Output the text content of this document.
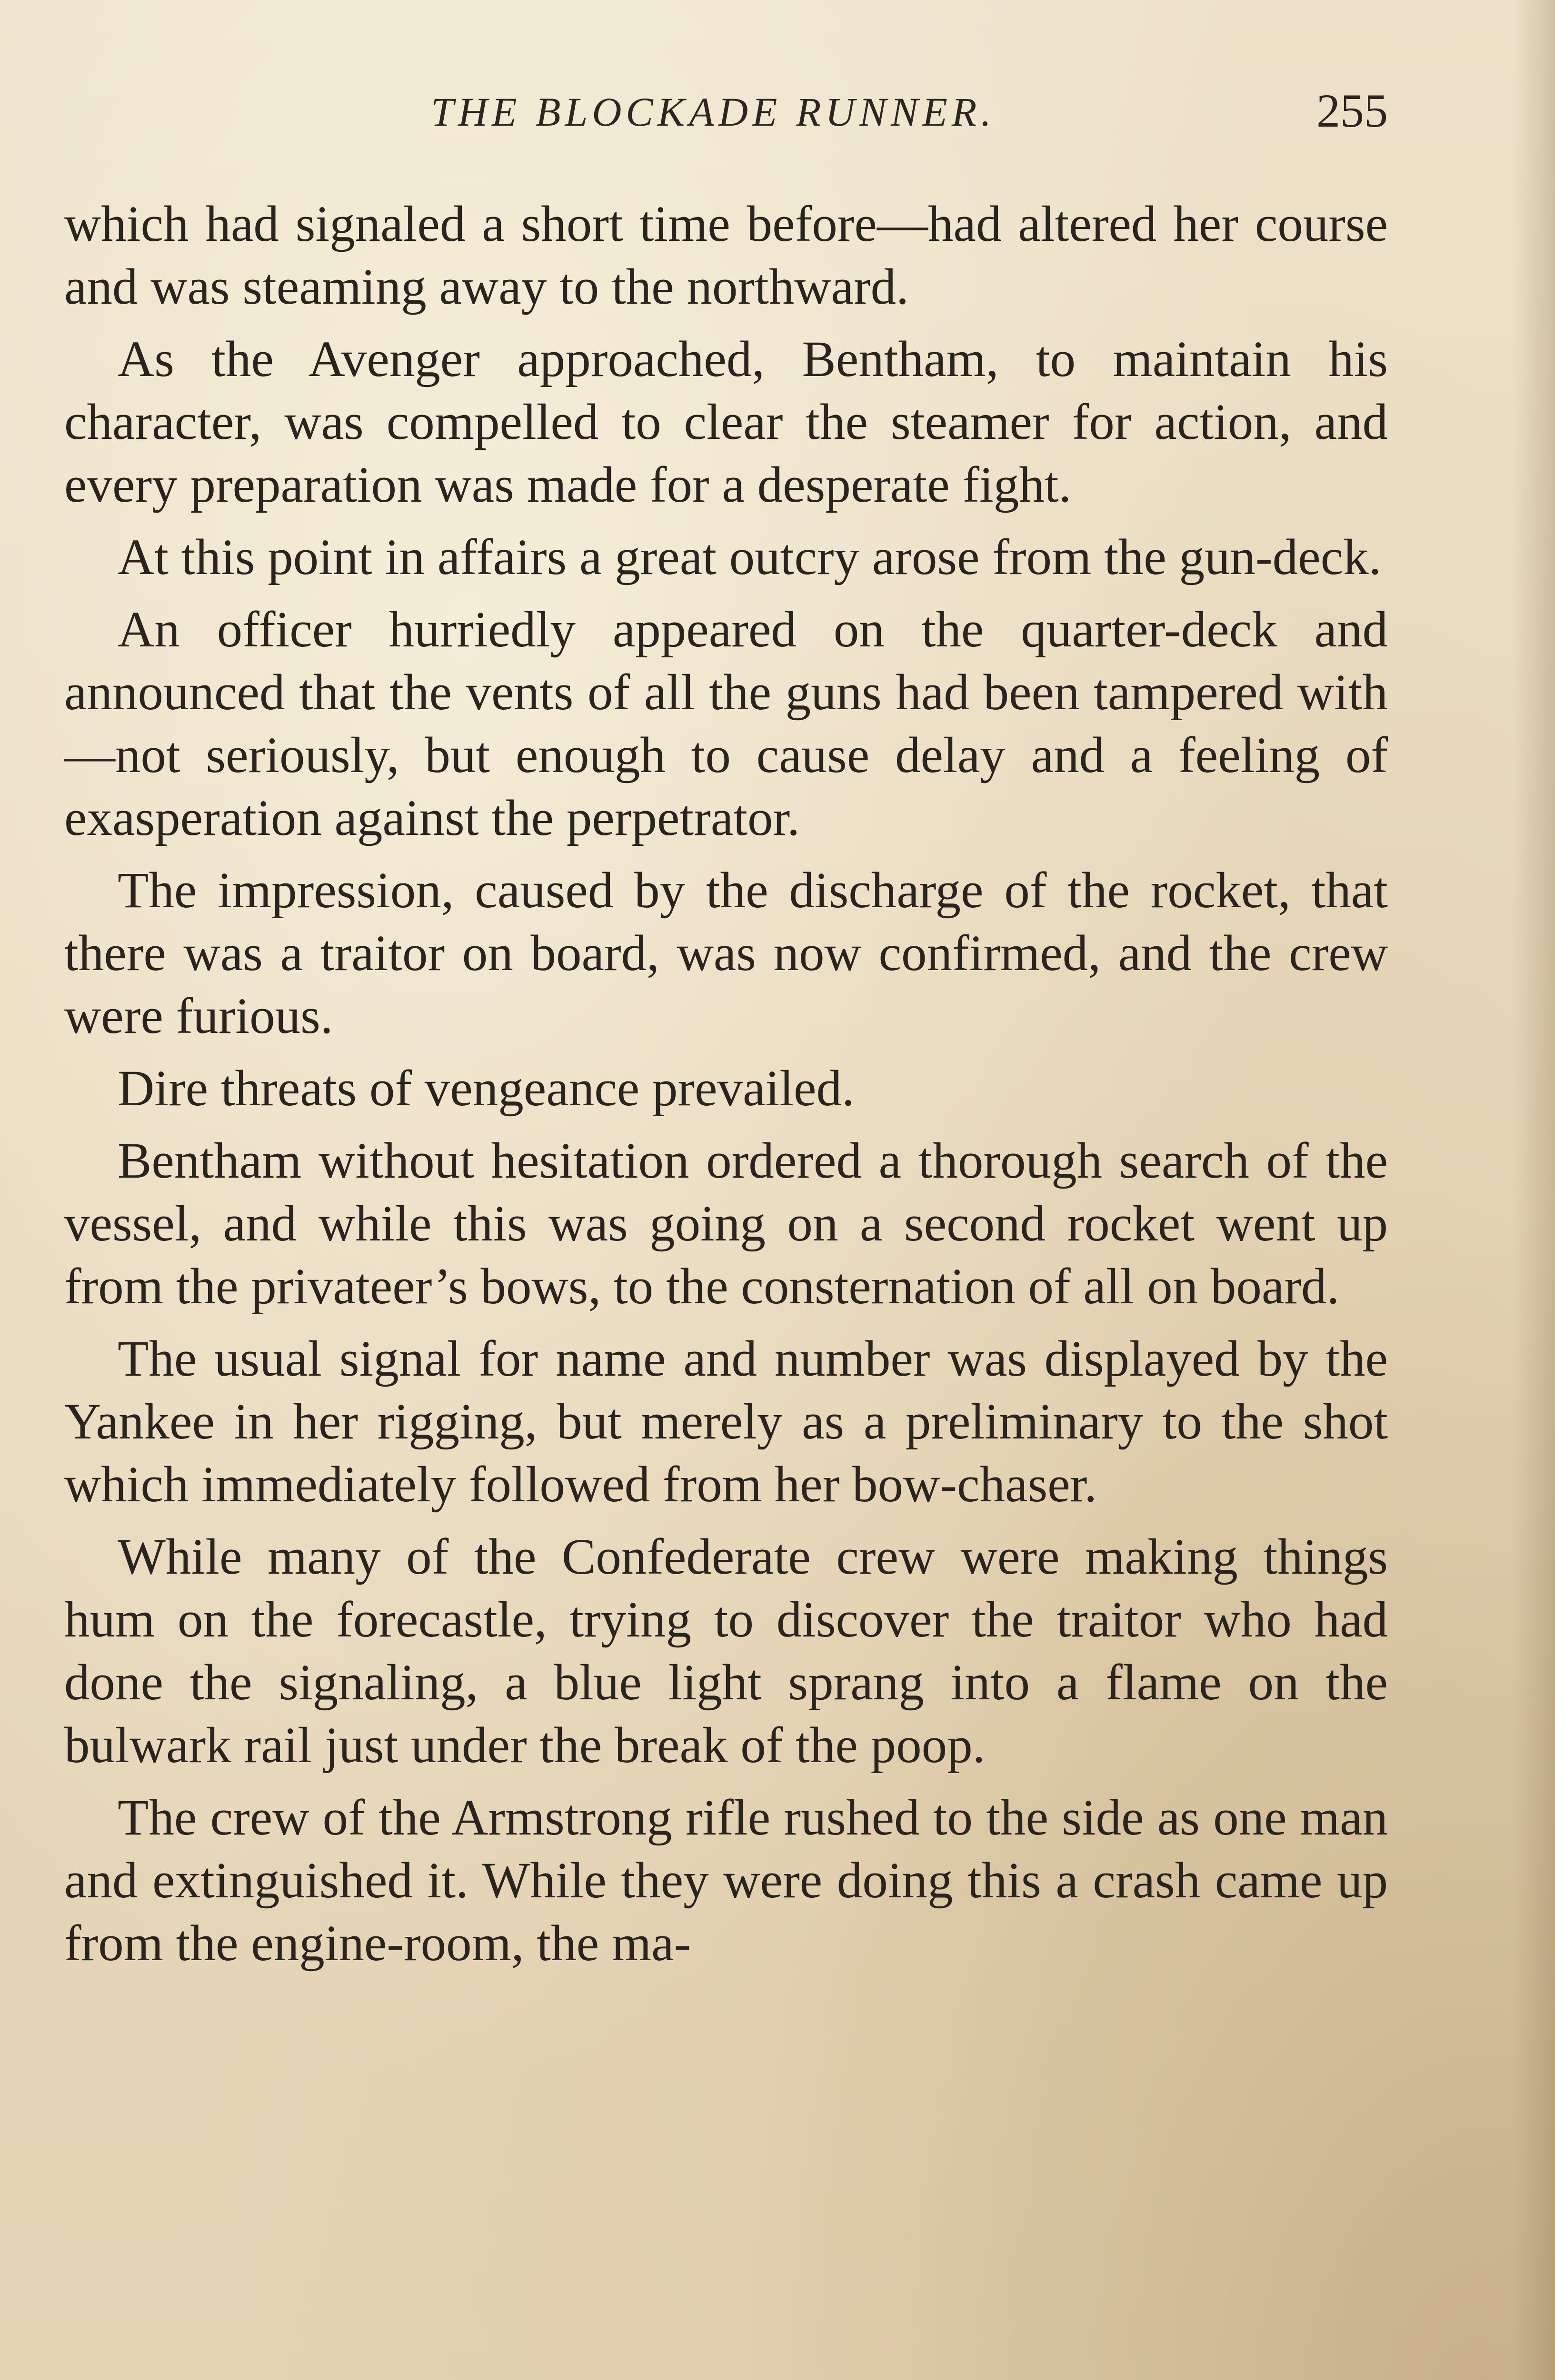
THE BLOCKADE RUNNER.	255

which had signaled a short time before—had altered her course and was steaming away to the northward.

As the Avenger approached, Bentham, to maintain his character, was compelled to clear the steamer for action, and every preparation was made for a desperate fight.

At this point in affairs a great outcry arose from the gun-deck.

An officer hurriedly appeared on the quarter-deck and announced that the vents of all the guns had been tampered with—not seriously, but enough to cause delay and a feeling of exasperation against the perpetrator.

The impression, caused by the discharge of the rocket, that there was a traitor on board, was now confirmed, and the crew were furious.

Dire threats of vengeance prevailed.

Bentham without hesitation ordered a thorough search of the vessel, and while this was going on a second rocket went up from the privateer’s bows, to the consternation of all on board.

The usual signal for name and number was displayed by the Yankee in her rigging, but merely as a preliminary to the shot which immediately followed from her bow-chaser.

While many of the Confederate crew were making things hum on the forecastle, trying to discover the traitor who had done the signaling, a blue light sprang into a flame on the bulwark rail just under the break of the poop.

The crew of the Armstrong rifle rushed to the side as one man and extinguished it. While they were doing this a crash came up from the engine-room, the ma-
